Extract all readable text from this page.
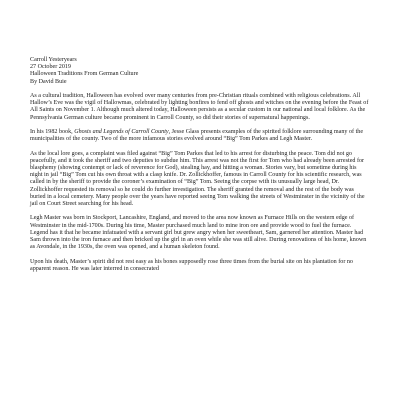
Carroll Yesteryears
27 October 2019
Halloween Traditions From German Culture
By David Buie

As a cultural tradition, Halloween has evolved over many centuries from pre-Christian rituals combined with religious celebrations. All Hallow’s Eve was the vigil of Hallowmas, celebrated by lighting bonfires to fend off ghosts and witches on the evening before the Feast of All Saints on November 1. Although much altered today, Halloween persists as a secular custom in our national and local folklore. As the Pennsylvania German culture became prominent in Carroll County, so did their stories of supernatural happenings.

In his 1982 book, Ghosts and Legends of Carroll County, Jesse Glass presents examples of the spirited folklore surrounding many of the municipalities of the county. Two of the more infamous stories evolved around “Big” Tom Parkes and Legh Master.

As the local lore goes, a complaint was filed against “Big” Tom Parkes that led to his arrest for disturbing the peace. Tom did not go peacefully, and it took the sheriff and two deputies to subdue him. This arrest was not the first for Tom who had already been arrested for blasphemy (showing contempt or lack of reverence for God), stealing hay, and hitting a woman. Stories vary, but sometime during his night in jail “Big” Tom cut his own throat with a clasp knife. Dr. Zollickhoffer, famous in Carroll County for his scientific research, was called in by the sheriff to provide the coroner’s examination of “Big” Tom. Seeing the corpse with its unusually large head, Dr. Zollickhoffer requested its removal so he could do further investigation. The sheriff granted the removal and the rest of the body was buried in a local cemetery. Many people over the years have reported seeing Tom walking the streets of Westminster in the vicinity of the jail on Court Street searching for his head.

Legh Master was born in Stockport, Lancashire, England, and moved to the area now known as Furnace Hills on the western edge of Westminster in the mid-1700s. During his time, Master purchased much land to mine iron ore and provide wood to fuel the furnace. Legend has it that he became infatuated with a servant girl but grew angry when her sweetheart, Sam, garnered her attention. Master had Sam thrown into the iron furnace and then bricked up the girl in an oven while she was still alive. During renovations of his home, known as Avondale, in the 1930s, the oven was opened, and a human skeleton found.

Upon his death, Master’s spirit did not rest easy as his bones supposedly rose three times from the burial site on his plantation for no apparent reason. He was later interred in consecrated
